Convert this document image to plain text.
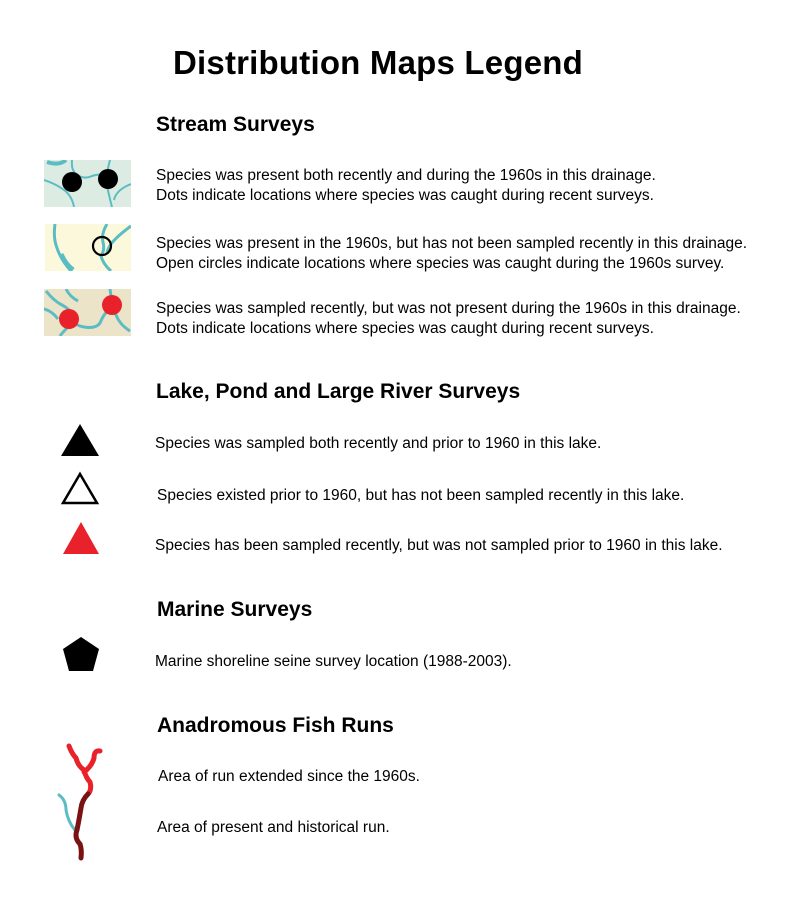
Distribution Maps Legend
Stream Surveys
Species was present both recently and during the 1960s in this drainage.
Dots indicate locations where species was caught during recent surveys.
Species was present in the 1960s, but has not been sampled recently in this drainage.
Open circles indicate locations where species was caught during the 1960s survey.
Species was sampled recently, but was not present during the 1960s in this drainage.
Dots indicate locations where species was caught during recent surveys.
Lake, Pond and Large River Surveys
Species was sampled both recently and prior to 1960 in this lake.
Species existed prior to 1960, but has not been sampled recently in this lake.
Species has been sampled recently, but was not sampled prior to 1960 in this lake.
Marine Surveys
Marine shoreline seine survey location (1988-2003).
Anadromous Fish Runs
Area of run extended since the 1960s.
Area of present and historical run.
